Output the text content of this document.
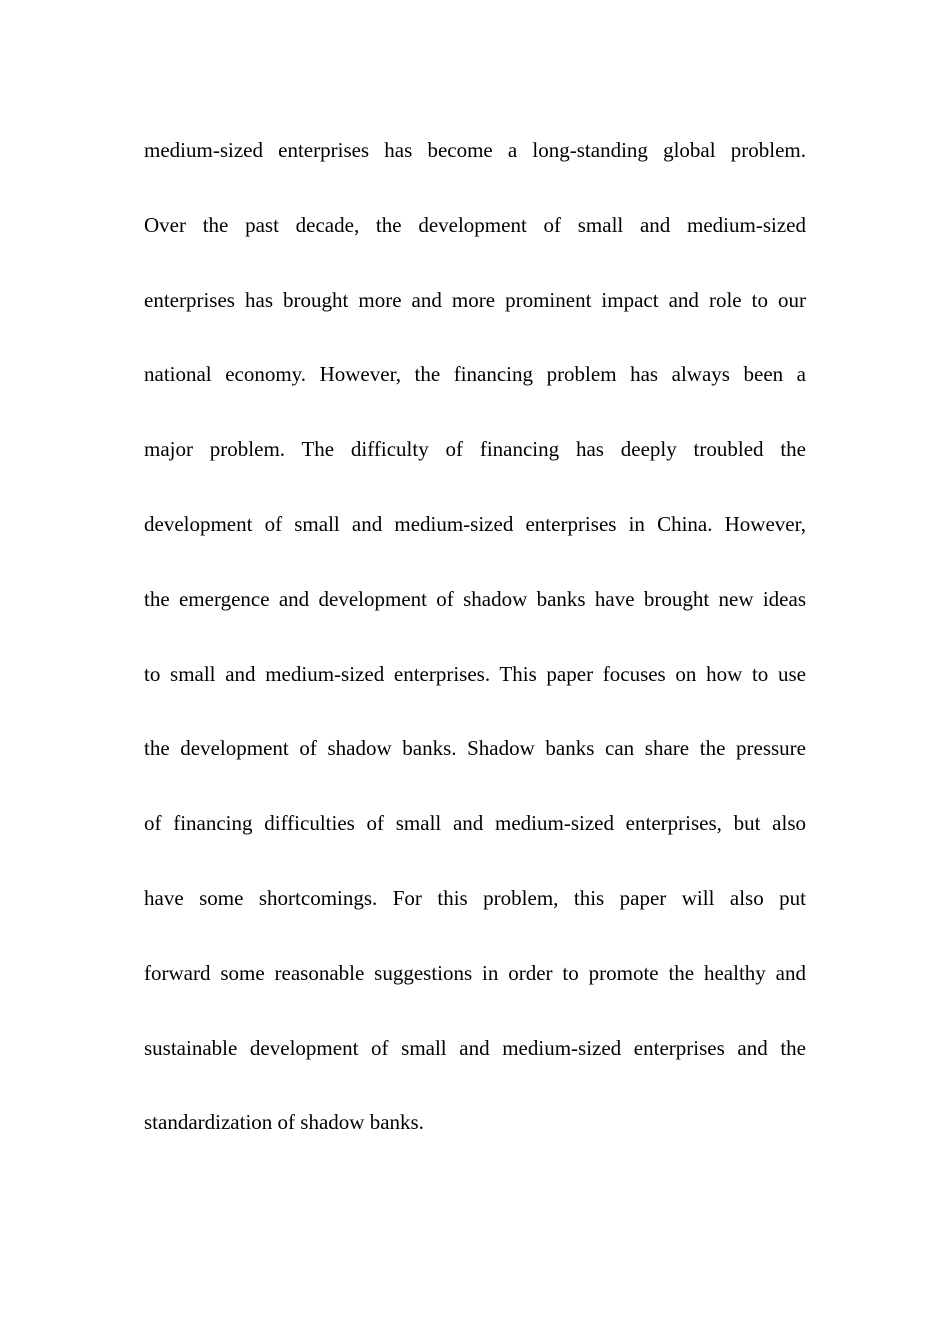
medium-sized enterprises has become a long-standing global problem.
Over the past decade, the development of small and medium-sized
enterprises has brought more and more prominent impact and role to our
national economy. However, the financing problem has always been a
major problem. The difficulty of financing has deeply troubled the
development of small and medium-sized enterprises in China. However,
the emergence and development of shadow banks have brought new ideas
to small and medium-sized enterprises. This paper focuses on how to use
the development of shadow banks. Shadow banks can share the pressure
of financing difficulties of small and medium-sized enterprises, but also
have some shortcomings. For this problem, this paper will also put
forward some reasonable suggestions in order to promote the healthy and
sustainable development of small and medium-sized enterprises and the
standardization of shadow banks.
